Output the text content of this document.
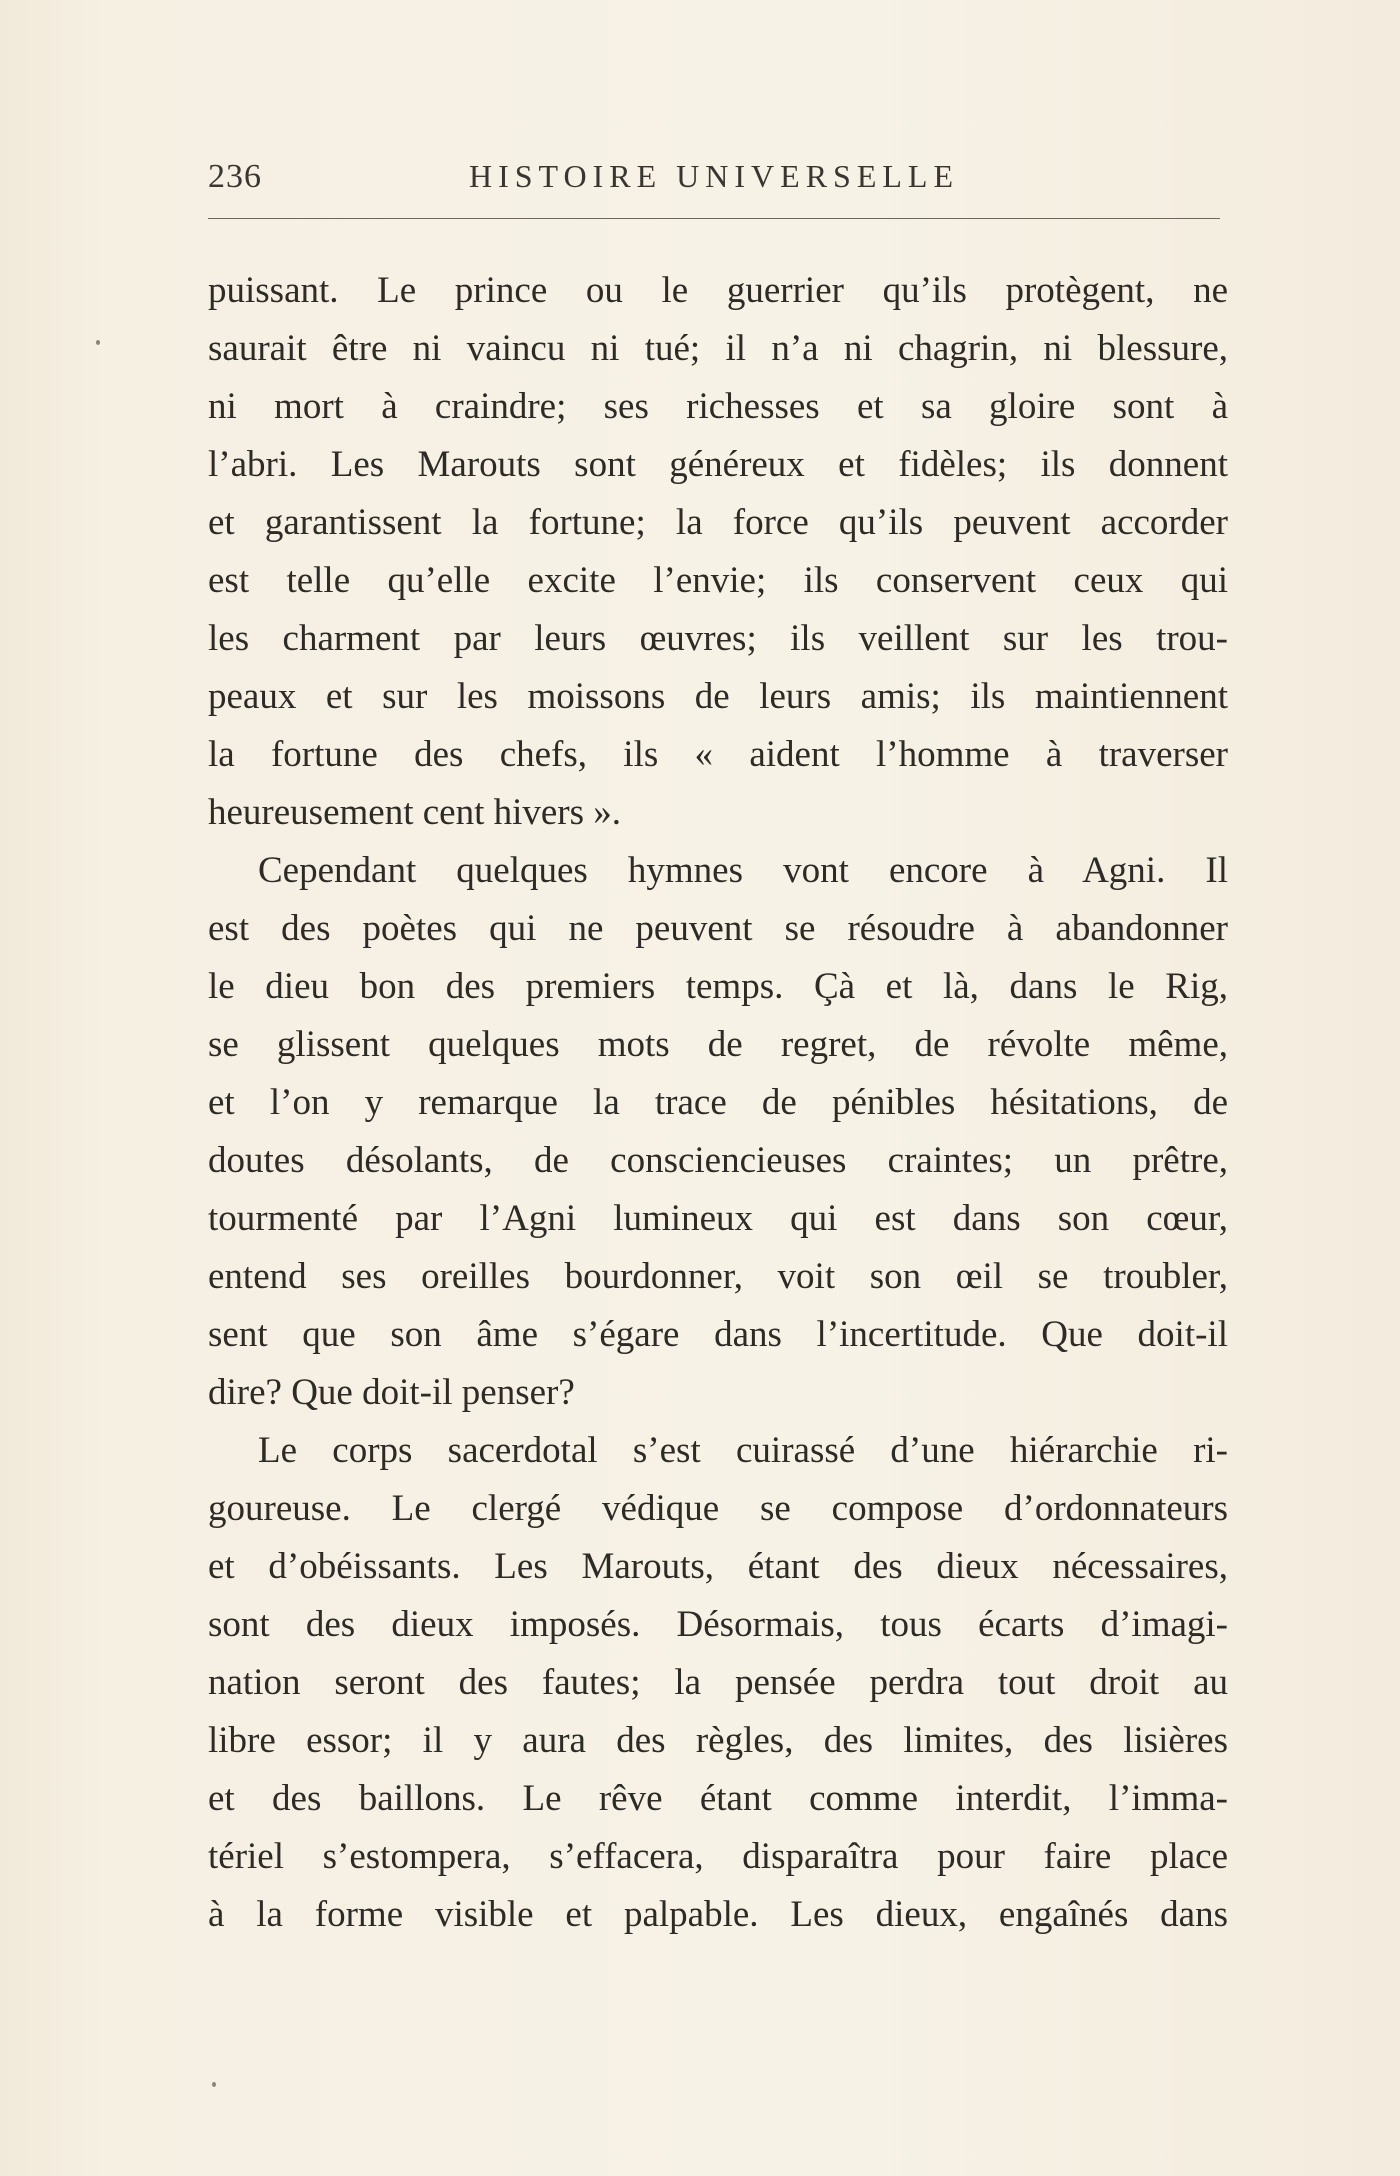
236	HISTOIRE UNIVERSELLE
puissant. Le prince ou le guerrier qu’ils protègent, ne
saurait être ni vaincu ni tué; il n’a ni chagrin, ni blessure,
ni mort à craindre; ses richesses et sa gloire sont à
l’abri. Les Marouts sont généreux et fidèles; ils donnent
et garantissent la fortune; la force qu’ils peuvent accorder
est telle qu’elle excite l’envie; ils conservent ceux qui
les charment par leurs œuvres; ils veillent sur les trou-
peaux et sur les moissons de leurs amis; ils maintiennent
la fortune des chefs, ils « aident l’homme à traverser
heureusement cent hivers ».
Cependant quelques hymnes vont encore à Agni. Il
est des poètes qui ne peuvent se résoudre à abandonner
le dieu bon des premiers temps. Çà et là, dans le Rig,
se glissent quelques mots de regret, de révolte même,
et l’on y remarque la trace de pénibles hésitations, de
doutes désolants, de consciencieuses craintes; un prêtre,
tourmenté par l’Agni lumineux qui est dans son cœur,
entend ses oreilles bourdonner, voit son œil se troubler,
sent que son âme s’égare dans l’incertitude. Que doit-il
dire? Que doit-il penser?
Le corps sacerdotal s’est cuirassé d’une hiérarchie ri-
goureuse. Le clergé védique se compose d’ordonnateurs
et d’obéissants. Les Marouts, étant des dieux nécessaires,
sont des dieux imposés. Désormais, tous écarts d’imagi-
nation seront des fautes; la pensée perdra tout droit au
libre essor; il y aura des règles, des limites, des lisières
et des baillons. Le rêve étant comme interdit, l’imma-
tériel s’estompera, s’effacera, disparaîtra pour faire place
à la forme visible et palpable. Les dieux, engaînés dans
